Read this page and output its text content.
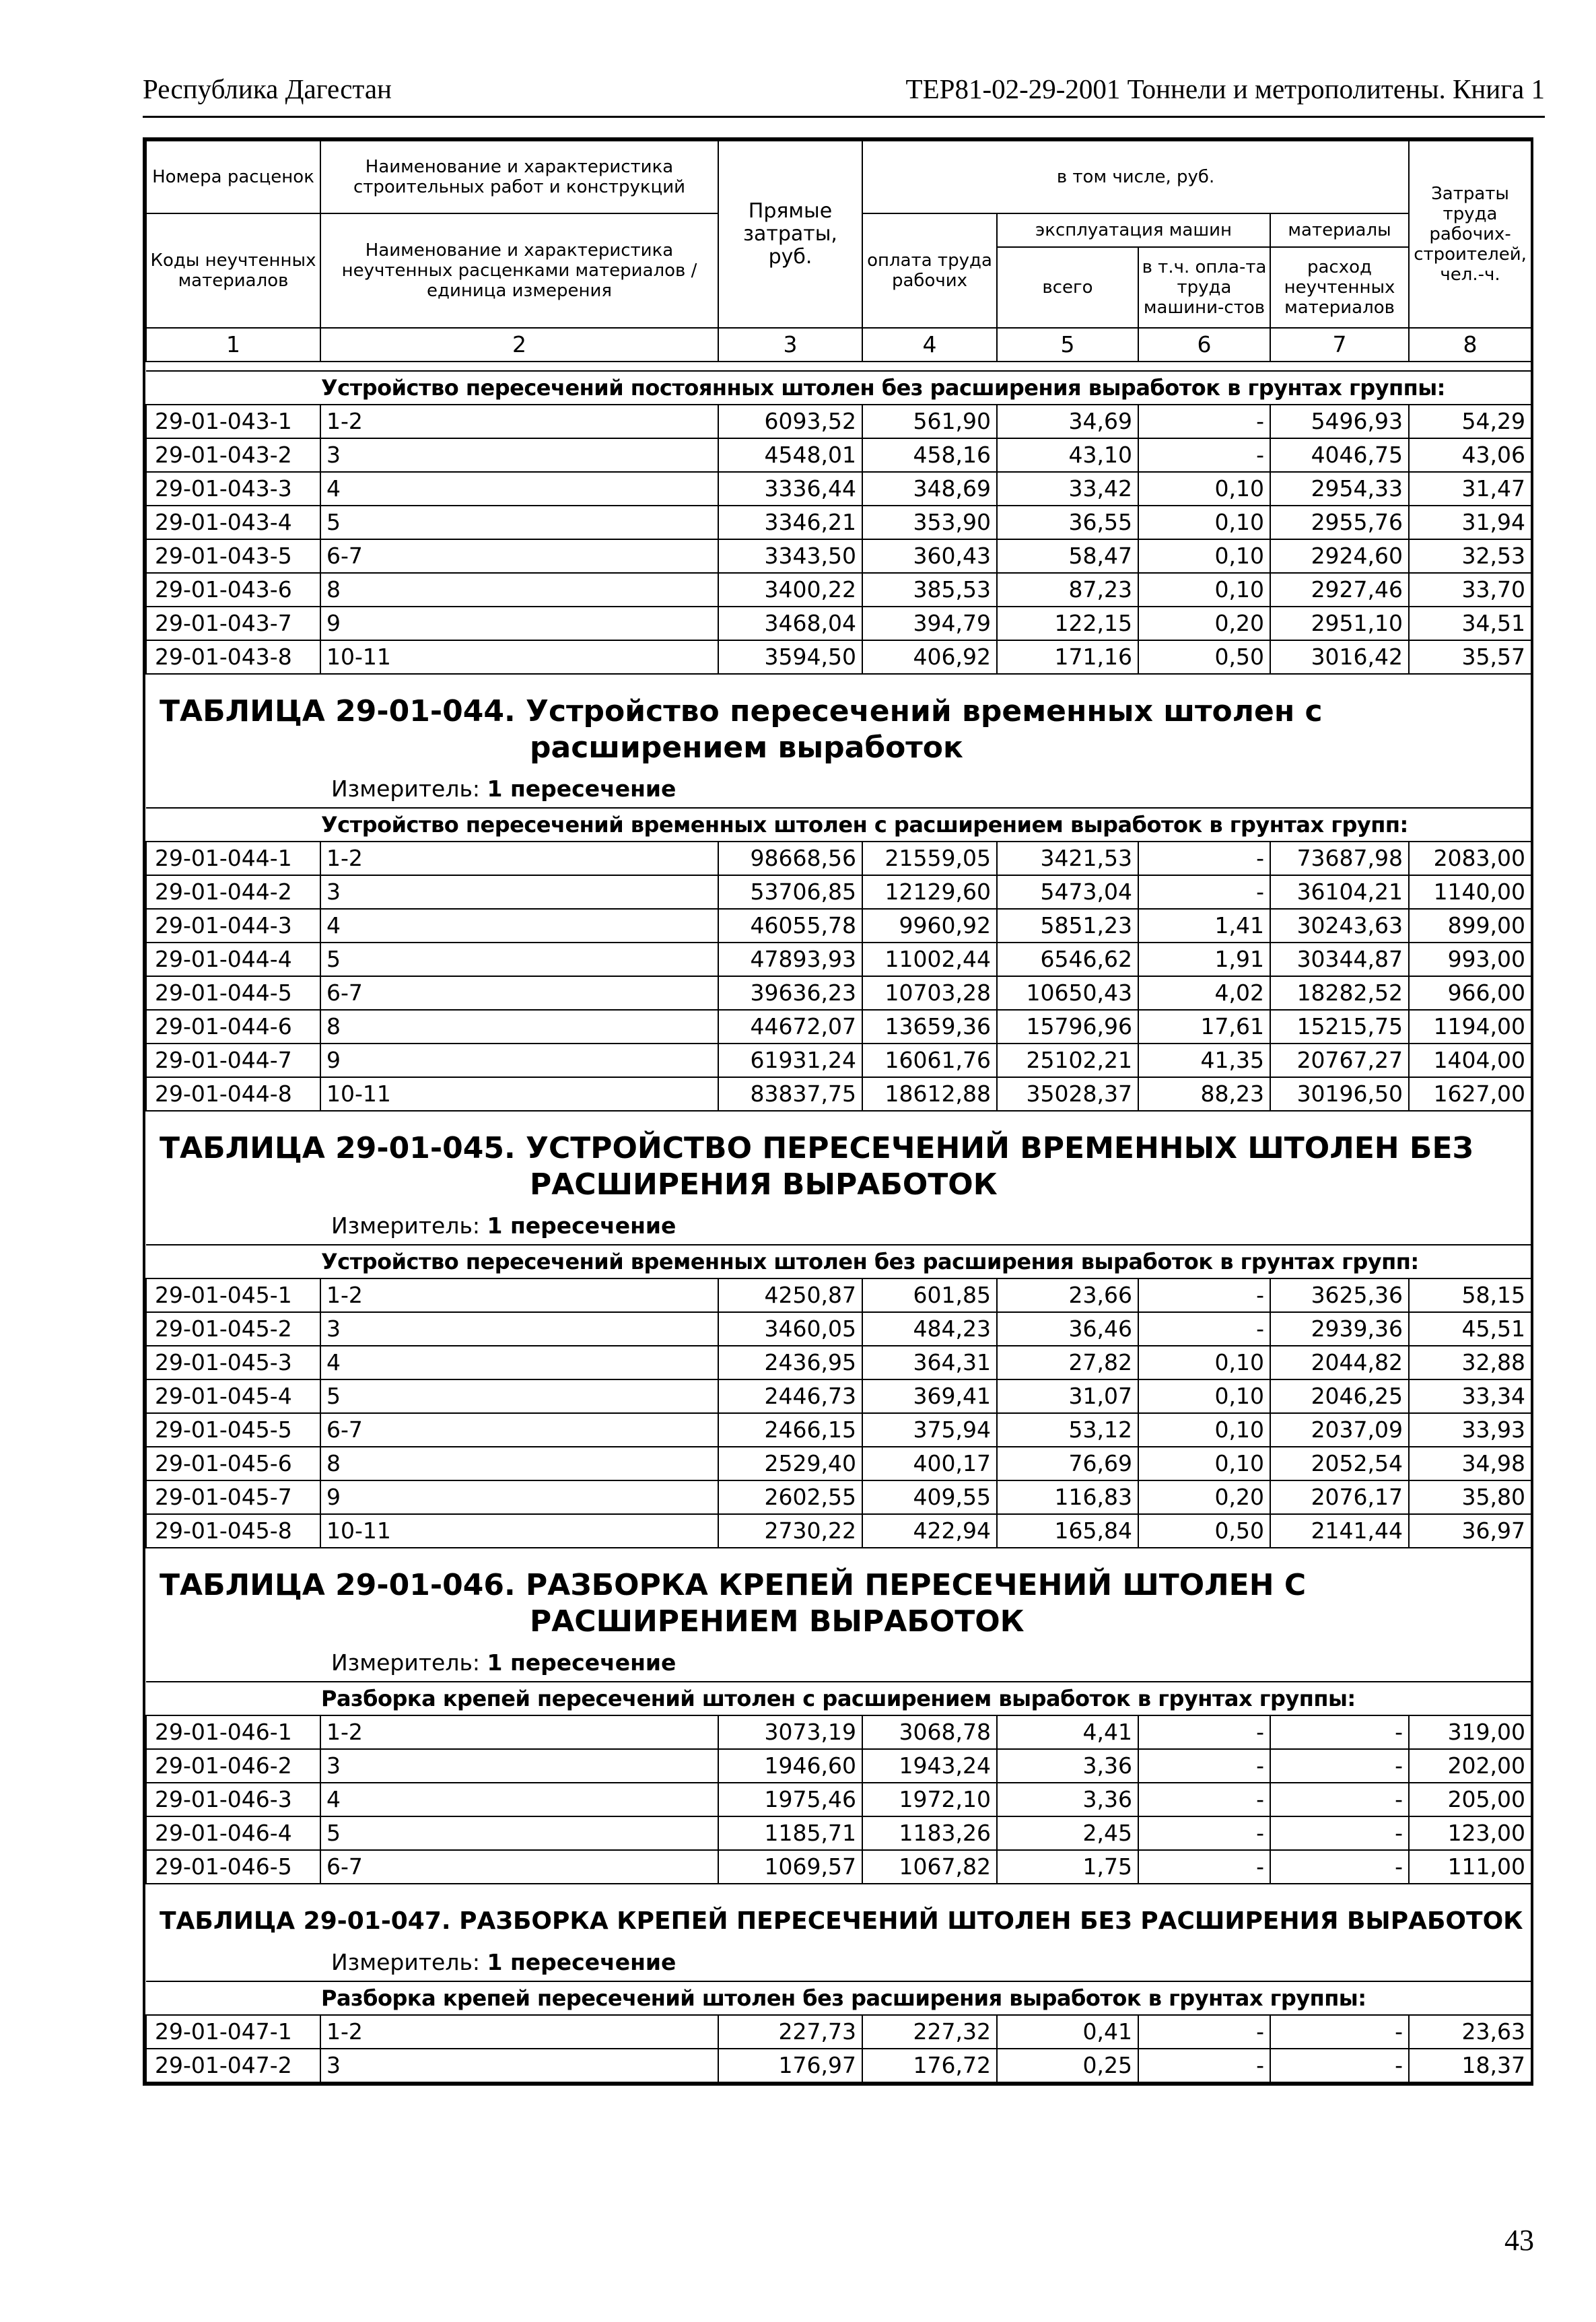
Республика Дагестан	ТЕР81-02-29-2001 Тоннели и метрополитены. Книга 1
Номера расценок	Наименование и характеристика строительных работ и конструкций	Прямые затраты, руб.	в том числе, руб.				Затраты труда рабочих-строителей, чел.-ч.
Коды неучтенных материалов	Наименование и характеристика неучтенных расценками материалов / единица измерения		оплата труда рабочих	эксплуатация машин		материалы	
				всего	в т.ч. опла-та труда машини-стов	расход неучтенных материалов	
1	2	3	4	5	6	7	8

Устройство пересечений постоянных штолен без расширения выработок в грунтах группы:							
29-01-043-1	1-2	6093,52	561,90	34,69	-	5496,93	54,29
29-01-043-2	3	4548,01	458,16	43,10	-	4046,75	43,06
29-01-043-3	4	3336,44	348,69	33,42	0,10	2954,33	31,47
29-01-043-4	5	3346,21	353,90	36,55	0,10	2955,76	31,94
29-01-043-5	6-7	3343,50	360,43	58,47	0,10	2924,60	32,53
29-01-043-6	8	3400,22	385,53	87,23	0,10	2927,46	33,70
29-01-043-7	9	3468,04	394,79	122,15	0,20	2951,10	34,51
29-01-043-8	10-11	3594,50	406,92	171,16	0,50	3016,42	35,57

ТАБЛИЦА 29-01-044. Устройство пересечений временных штолен с расширением выработок
Измеритель: 1 пересечение							

Устройство пересечений временных штолен с расширением выработок в грунтах групп:							
29-01-044-1	1-2	98668,56	21559,05	3421,53	-	73687,98	2083,00
29-01-044-2	3	53706,85	12129,60	5473,04	-	36104,21	1140,00
29-01-044-3	4	46055,78	9960,92	5851,23	1,41	30243,63	899,00
29-01-044-4	5	47893,93	11002,44	6546,62	1,91	30344,87	993,00
29-01-044-5	6-7	39636,23	10703,28	10650,43	4,02	18282,52	966,00
29-01-044-6	8	44672,07	13659,36	15796,96	17,61	15215,75	1194,00
29-01-044-7	9	61931,24	16061,76	25102,21	41,35	20767,27	1404,00
29-01-044-8	10-11	83837,75	18612,88	35028,37	88,23	30196,50	1627,00

ТАБЛИЦА 29-01-045. УСТРОЙСТВО ПЕРЕСЕЧЕНИЙ ВРЕМЕННЫХ ШТОЛЕН БЕЗ РАСШИРЕНИЯ ВЫРАБОТОК
Измеритель: 1 пересечение							

Устройство пересечений временных штолен без расширения выработок в грунтах групп:							
29-01-045-1	1-2	4250,87	601,85	23,66	-	3625,36	58,15
29-01-045-2	3	3460,05	484,23	36,46	-	2939,36	45,51
29-01-045-3	4	2436,95	364,31	27,82	0,10	2044,82	32,88
29-01-045-4	5	2446,73	369,41	31,07	0,10	2046,25	33,34
29-01-045-5	6-7	2466,15	375,94	53,12	0,10	2037,09	33,93
29-01-045-6	8	2529,40	400,17	76,69	0,10	2052,54	34,98
29-01-045-7	9	2602,55	409,55	116,83	0,20	2076,17	35,80
29-01-045-8	10-11	2730,22	422,94	165,84	0,50	2141,44	36,97

ТАБЛИЦА 29-01-046. РАЗБОРКА КРЕПЕЙ ПЕРЕСЕЧЕНИЙ ШТОЛЕН С РАСШИРЕНИЕМ ВЫРАБОТОК
Измеритель: 1 пересечение							

Разборка крепей пересечений штолен с расширением выработок в грунтах группы:							
29-01-046-1	1-2	3073,19	3068,78	4,41	-	-	319,00
29-01-046-2	3	1946,60	1943,24	3,36	-	-	202,00
29-01-046-3	4	1975,46	1972,10	3,36	-	-	205,00
29-01-046-4	5	1185,71	1183,26	2,45	-	-	123,00
29-01-046-5	6-7	1069,57	1067,82	1,75	-	-	111,00

ТАБЛИЦА 29-01-047. РАЗБОРКА КРЕПЕЙ ПЕРЕСЕЧЕНИЙ ШТОЛЕН БЕЗ РАСШИРЕНИЯ ВЫРАБОТОК
Измеритель: 1 пересечение							

Разборка крепей пересечений штолен без расширения выработок в грунтах группы:							
29-01-047-1	1-2	227,73	227,32	0,41	-	-	23,63
29-01-047-2	3	176,97	176,72	0,25	-	-	18,37
43
